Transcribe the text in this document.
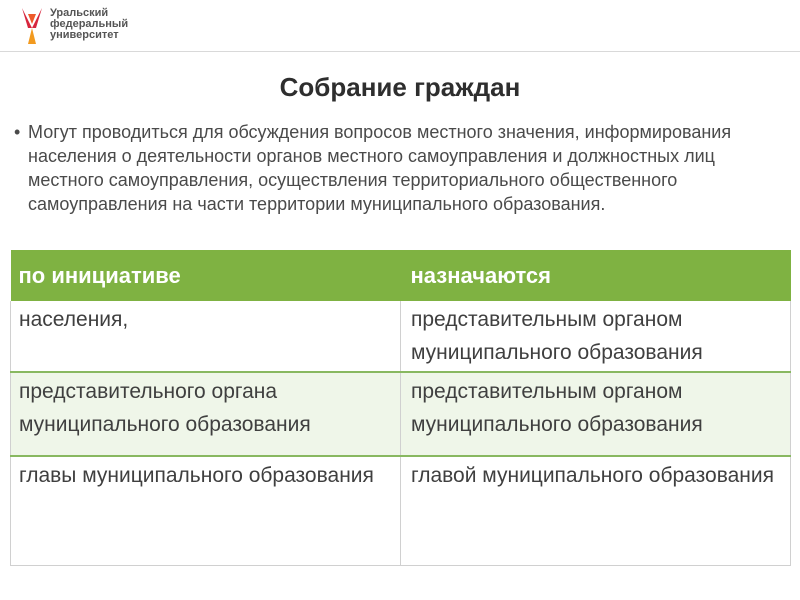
Уральский
федеральный
университет
Собрание граждан
• Могут проводиться для обсуждения вопросов местного значения, информирования населения о деятельности органов местного самоуправления и должностных лиц местного самоуправления, осуществления территориального общественного самоуправления на части территории муниципального образования.
по инициативе	назначаются
населения,	представительным органом муниципального образования
представительного органа муниципального образования	представительным органом муниципального образования
главы муниципального образования	главой муниципального образования
